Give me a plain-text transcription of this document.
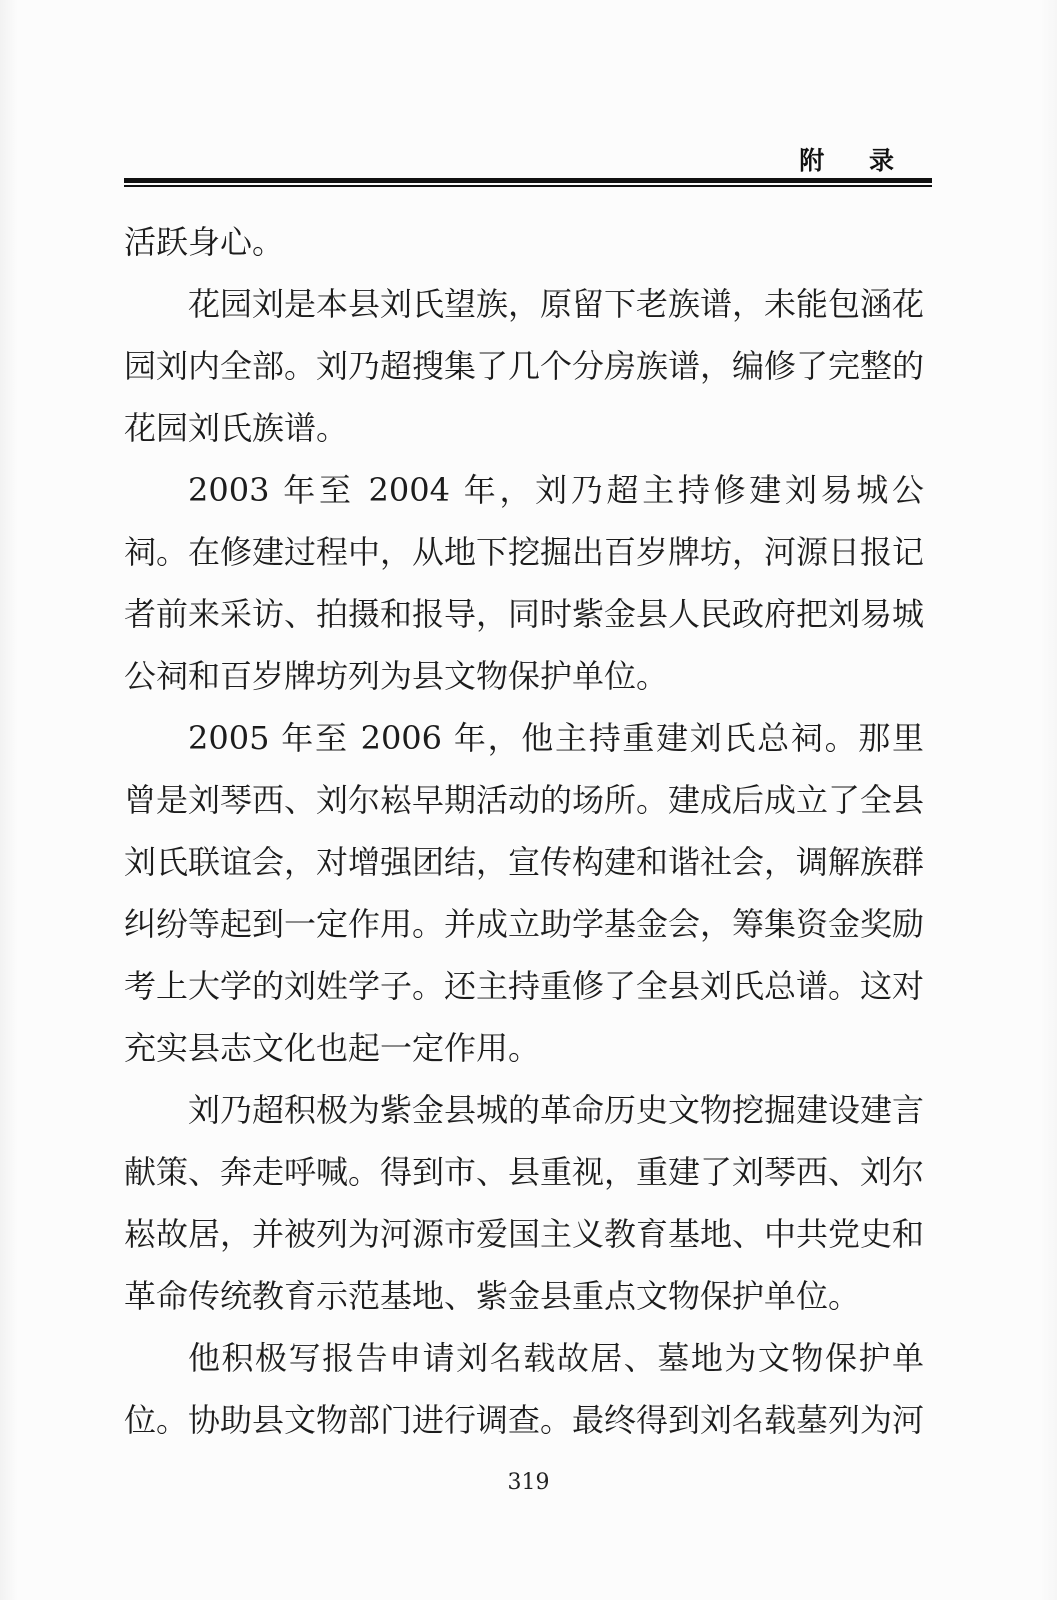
附 录

活跃身心。

花园刘是本县刘氏望族，原留下老族谱，未能包涵花园刘内全部。刘乃超搜集了几个分房族谱，编修了完整的花园刘氏族谱。

2003 年至 2004 年，刘乃超主持修建刘易城公祠。在修建过程中，从地下挖掘出百岁牌坊，河源日报记者前来采访、拍摄和报导，同时紫金县人民政府把刘易城公祠和百岁牌坊列为县文物保护单位。

2005 年至 2006 年，他主持重建刘氏总祠。那里曾是刘琴西、刘尔崧早期活动的场所。建成后成立了全县刘氏联谊会，对增强团结，宣传构建和谐社会，调解族群纠纷等起到一定作用。并成立助学基金会，筹集资金奖励考上大学的刘姓学子。还主持重修了全县刘氏总谱。这对充实县志文化也起一定作用。

刘乃超积极为紫金县城的革命历史文物挖掘建设建言献策、奔走呼喊。得到市、县重视，重建了刘琴西、刘尔崧故居，并被列为河源市爱国主义教育基地、中共党史和革命传统教育示范基地、紫金县重点文物保护单位。

他积极写报告申请刘名载故居、墓地为文物保护单位。协助县文物部门进行调查。最终得到刘名载墓列为河

319
